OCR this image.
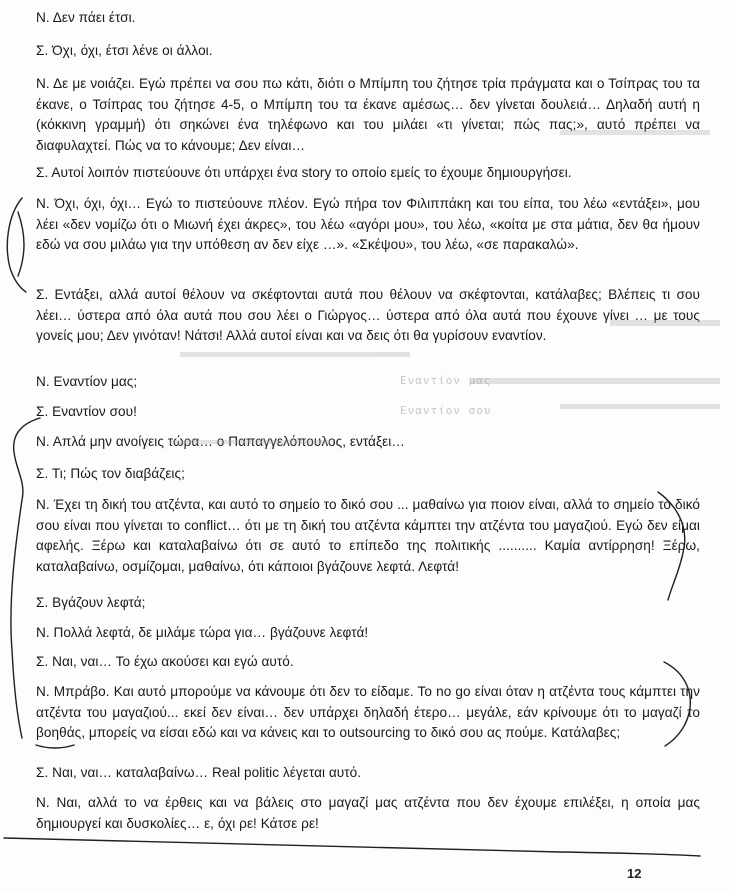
Ν. Δεν πάει έτσι.

Σ. Όχι, όχι, έτσι λένε οι άλλοι.

Ν. Δε με νοιάζει. Εγώ πρέπει να σου πω κάτι, διότι ο Μπίμπη του ζήτησε τρία πράγματα και ο Τσίπρας του τα έκανε, ο Τσίπρας του ζήτησε 4-5, ο Μπίμπη του τα έκανε αμέσως… δεν γίνεται δουλειά… Δηλαδή αυτή η (κόκκινη γραμμή) ότι σηκώνει ένα τηλέφωνο και του μιλάει «τι γίνεται; πώς πας;», αυτό πρέπει να διαφυλαχτεί. Πώς να το κάνουμε; Δεν είναι…

Σ. Αυτοί λοιπόν πιστεύουνε ότι υπάρχει ένα story το οποίο εμείς το έχουμε δημιουργήσει.

Ν. Όχι, όχι, όχι… Εγώ το πιστεύουνε πλέον. Εγώ πήρα τον Φιλιππάκη και του είπα, του λέω «εντάξει», μου λέει «δεν νομίζω ότι ο Μιωνή έχει άκρες», του λέω «αγόρι μου», του λέω, «κοίτα με στα μάτια, δεν θα ήμουν εδώ να σου μιλάω για την υπόθεση αν δεν είχε …». «Σκέψου», του λέω, «σε παρακαλώ».

Σ. Εντάξει, αλλά αυτοί θέλουν να σκέφτονται αυτά που θέλουν να σκέφτονται, κατάλαβες; Βλέπεις τι σου λέει… ύστερα από όλα αυτά που σου λέει ο Γιώργος… ύστερα από όλα αυτά που έχουνε γίνει … με τους γονείς μου; Δεν γινόταν! Νάτσι! Αλλά αυτοί είναι και να δεις ότι θα γυρίσουν εναντίον.

Ν. Εναντίον μας;

Σ. Εναντίον σου!

Ν. Απλά μην ανοίγεις τώρα… ο Παπαγγελόπουλος, εντάξει…

Σ. Τι; Πώς τον διαβάζεις;

Ν. Έχει τη δική του ατζέντα, και αυτό το σημείο το δικό σου ... μαθαίνω για ποιον είναι, αλλά το σημείο το δικό σου είναι που γίνεται το conflict… ότι με τη δική του ατζέντα κάμπτει την ατζέντα του μαγαζιού. Εγώ δεν είμαι αφελής. Ξέρω και καταλαβαίνω ότι σε αυτό το επίπεδο της πολιτικής .......... Καμία αντίρρηση! Ξέρω, καταλαβαίνω, οσμίζομαι, μαθαίνω, ότι κάποιοι βγάζουνε λεφτά. Λεφτά!

Σ. Βγάζουν λεφτά;

Ν. Πολλά λεφτά, δε μιλάμε τώρα για… βγάζουνε λεφτά!

Σ. Ναι, ναι… Το έχω ακούσει και εγώ αυτό.

Ν. Μπράβο. Και αυτό μπορούμε να κάνουμε ότι δεν το είδαμε. Το no go είναι όταν η ατζέντα τους κάμπτει την ατζέντα του μαγαζιού... εκεί δεν είναι… δεν υπάρχει δηλαδή έτερο… μεγάλε, εάν κρίνουμε ότι το μαγαζί το βοηθάς, μπορείς να είσαι εδώ και να κάνεις και το outsourcing το δικό σου ας πούμε. Κατάλαβες;

Σ. Ναι, ναι… καταλαβαίνω… Real politic λέγεται αυτό.

Ν. Ναι, αλλά το να έρθεις και να βάλεις στο μαγαζί μας ατζέντα που δεν έχουμε επιλέξει, η οποία μας δημιουργεί και δυσκολίες… ε, όχι ρε! Κάτσε ρε!

Εναντίον μας
Εναντίον σου
12
